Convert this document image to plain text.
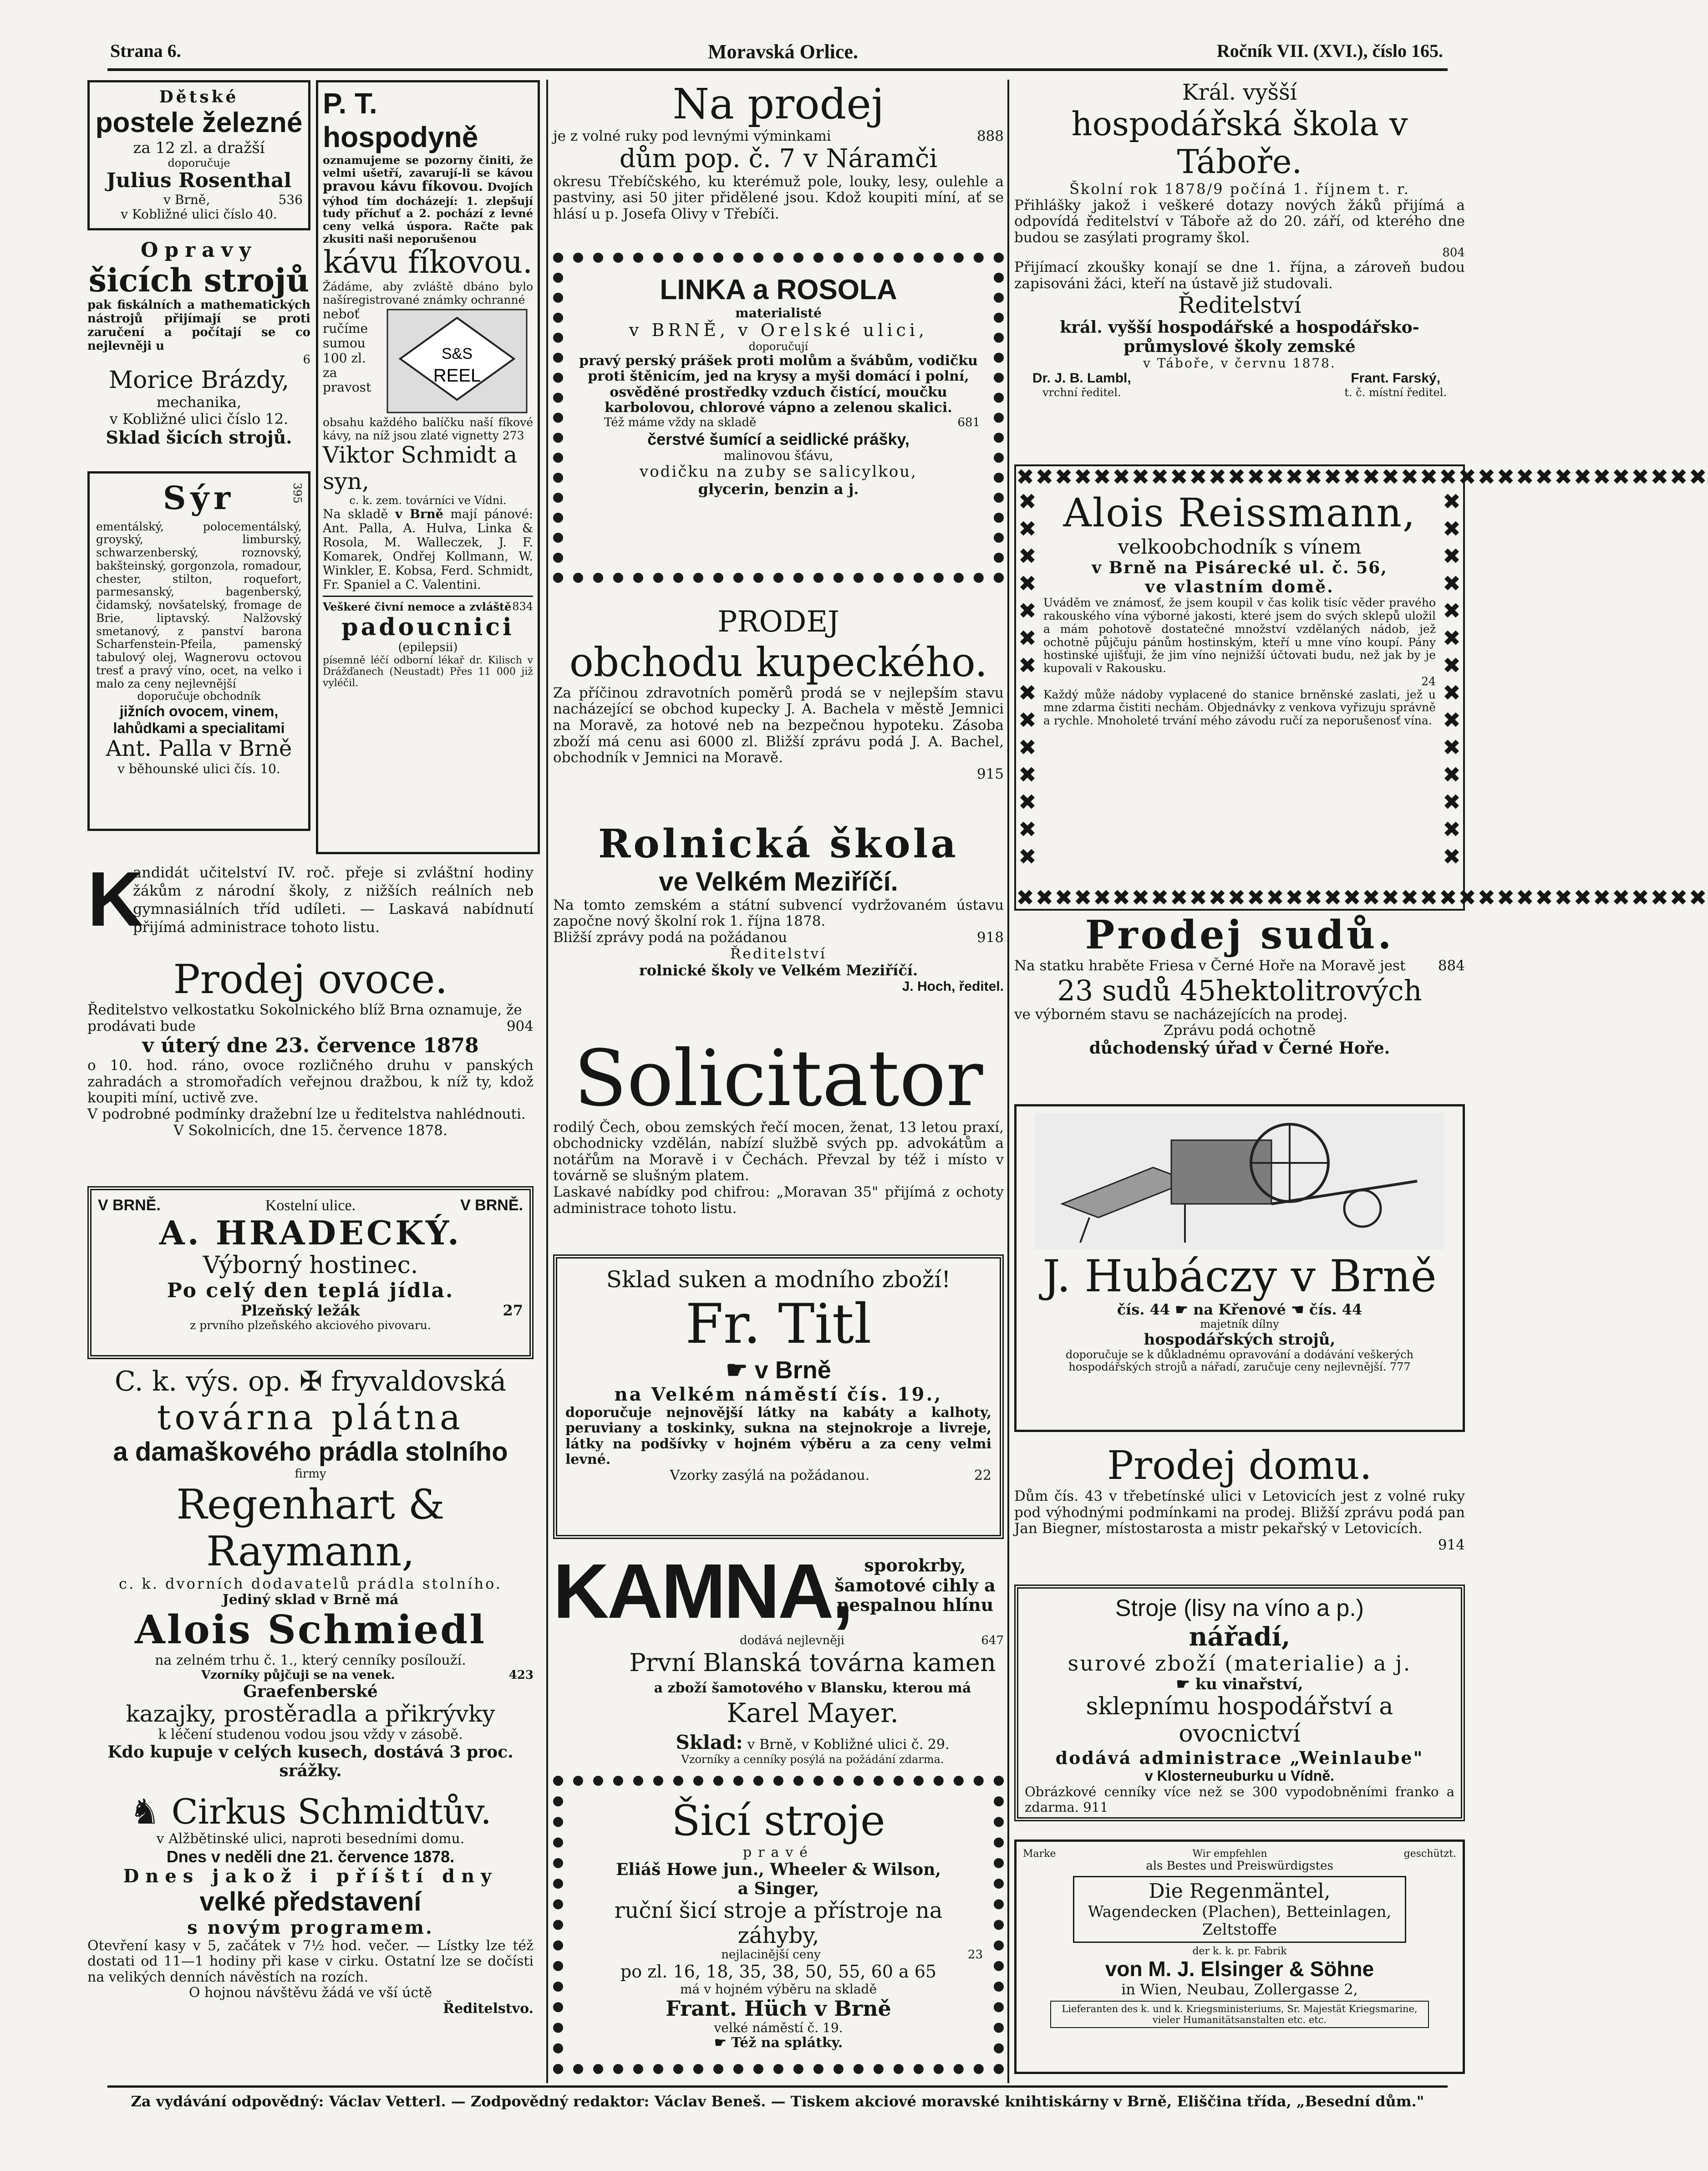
Strana 6.	Moravská Orlice.	Ročník VII. (XVI.), číslo 165.
Dětské
postele železné
za 12 zl. a dražší
doporučuje
Julius Rosenthal
v Brně,	536
v Kobližné ulici číslo 40.
Opravy
šicích strojů
pak fiskálních a mathematických nástrojů přijímají se proti zaručení a počítají se co nejlevněji u
6
Morice Brázdy,
mechanika,
v Kobližné ulici číslo 12.
Sklad šicích strojů.
Sýr	395
ementálský, polocementálský, groyský, limburský, schwarzenberský, roznovský, bakšteinský, gorgonzola, romadour, chester, stilton, roquefort, parmesanský, bagenberský, čidamský, novšatelský, fromage de Brie, liptavský. Nalžovský smetanový, z panství barona Scharfenstein-Pfeila, pamenský tabulový olej, Wagnerovu octovou tresť a pravý víno, ocet, na velko i malo za ceny nejlevnější
doporučuje obchodník
jižních ovocem, vinem,
lahůdkami a specialitami
Ant. Palla v Brně
v běhounské ulici čís. 10.
P. T. hospodyně
oznamujeme se pozorny činiti, že velmi ušetří, zavarují-li se kávou pravou kávu fíkovou. Dvojích výhod tím docházejí: 1. zlepšují tudy příchuť a 2. pochází z levné ceny velká úspora. Račte pak zkusiti naši neporušenou
kávu fíkovou.
Žádáme, aby zvláště dbáno bylo našíregistrované známky ochranné
neboť ručíme sumou 100 zl. za pravost
S&S
REEL
obsahu každého balíčku naší fíkové kávy, na níž jsou zlaté vignetty 273
Viktor Schmidt a syn,
c. k. zem. továrníci ve Vídni.
Na skladě v Brně mají pánové: Ant. Palla, A. Hulva, Linka & Rosola, M. Walleczek, J. F. Komarek, Ondřej Kollmann, W. Winkler, E. Kobsa, Ferd. Schmidt, Fr. Spaniel a C. Valentini.
Veškeré čivní nemoce a zvláště 834
padoucnici
(epilepsii)
písemně léčí odborní lékař dr. Kilisch v Drážďanech (Neustadt) Přes 11 000 již vyléčil.
K
andidát učitelství IV. roč. přeje si zvláštní hodiny žákům z národní školy, z nižších reálních neb gymnasiálních tříd udíleti. — Laskavá nabídnutí přijímá administrace tohoto listu.
Prodej ovoce.
Ředitelstvo velkostatku Sokolnického blíž Brna oznamuje, že prodávati bude	904
v úterý dne 23. července 1878
o 10. hod. ráno, ovoce rozličného druhu v panských zahradách a stromořadích veřejnou dražbou, k níž ty, kdož koupiti míní, uctivě zve.
V podrobné podmínky dražební lze u ředitelstva nahlédnouti.
V Sokolnicích, dne 15. července 1878.
V BRNĚ.	Kostelní ulice.	V BRNĚ.
A. HRADECKÝ.
Výborný hostinec.
Po celý den teplá jídla.
Plzeňský ležák	27
z prvního plzeňského akciového pivovaru.
C. k. výs. op. ✠ fryvaldovská
továrna plátna
a damaškového prádla stolního
firmy
Regenhart & Raymann,
c. k. dvorních dodavatelů prádla stolního.
Jediný sklad v Brně má
Alois Schmiedl
na zelném trhu č. 1., který cenníky posílouží.
Vzorníky půjčuji se na venek.	423
Graefenberské
kazajky, prostěradla a přikrývky
k léčení studenou vodou jsou vždy v zásobě.
Kdo kupuje v celých kusech, dostává 3 proc. srážky.
♞ Cirkus Schmidtův.
v Alžbětinské ulici, naproti besedními domu.
Dnes v neděli dne 21. července 1878.
Dnes jakož i příští dny
velké představení
s novým programem.
Otevření kasy v 5, začátek v 7½ hod. večer. — Lístky lze též dostati od 11—1 hodiny při kase v cirku. Ostatní lze se dočísti na velikých denních návěstích na rozích.
O hojnou návštěvu žádá ve vší úctě
Ředitelstvo.
Na prodej
je z volné ruky pod levnými výminkami	888
dům pop. č. 7 v Náramči
okresu Třebíčského, ku kterémuž pole, louky, lesy, oulehle a pastviny, asi 50 jiter přidělené jsou. Kdož koupiti míní, ať se hlásí u p. Josefa Olivy v Třebíči.
LINKA a ROSOLA
materialisté
v BRNĚ, v Orelské ulici,
doporučují
pravý perský prášek proti molům a švábům, vodičku proti štěnicím, jed na krysy a myši domácí i polní, osvěděné prostředky vzduch čistící, moučku karbolovou, chlorové vápno a zelenou skalici.
Též máme vždy na skladě	681
čerstvé šumící a seidlické prášky,
malinovou šťávu,
vodičku na zuby se salicylkou,
glycerin, benzin a j.
PRODEJ
obchodu kupeckého.
Za příčinou zdravotních poměrů prodá se v nejlepším stavu nacházející se obchod kupecky J. A. Bachela v městě Jemnici na Moravě, za hotové neb na bezpečnou hypoteku. Zásoba zboží má cenu asi 6000 zl. Bližší zprávu podá J. A. Bachel, obchodník v Jemnici na Moravě.
915
Rolnická škola
ve Velkém Meziříčí.
Na tomto zemském a státní subvencí vydržovaném ústavu započne nový školní rok 1. října 1878.
Bližší zprávy podá na požádanou	918
Ředitelství
rolnické školy ve Velkém Meziříčí.
J. Hoch, ředitel.
Solicitator
rodilý Čech, obou zemských řečí mocen, ženat, 13 letou praxí, obchodnicky vzdělán, nabízí službě svých pp. advokátům a notářům na Moravě i v Čechách. Převzal by též i místo v továrně se slušným platem.
Laskavé nabídky pod chifrou: „Moravan 35" přijímá z ochoty administrace tohoto listu.
Sklad suken a modního zboží!
Fr. Titl
☛ v Brně
na Velkém náměstí čís. 19.,
doporučuje nejnovější látky na kabáty a kalhoty, peruviany a toskinky, sukna na stejnokroje a livreje, látky na podšívky v hojném výběru a za ceny velmi levné.
Vzorky zasýlá na požádanou.	22
KAMNA, sporokrby, šamotové cihly a nespalnou hlínu
dodává nejlevněji	647
První Blanská továrna kamen
a zboží šamotového v Blansku, kterou má
Karel Mayer.
Sklad: v Brně, v Kobližné ulici č. 29.
Vzorníky a cenníky posýlá na požádání zdarma.
Šicí stroje
pravé
Eliáš Howe jun., Wheeler & Wilson,
a Singer,
ruční šicí stroje a přístroje na záhyby,
nejlacinější ceny	23
po zl. 16, 18, 35, 38, 50, 55, 60 a 65
má v hojném výběru na skladě
Frant. Hüch v Brně
velké náměstí č. 19.
☛ Též na splátky.
Král. vyšší
hospodářská škola v Táboře.
Školní rok 1878/9 počíná 1. říjnem t. r.
Přihlášky jakož i veškeré dotazy nových žáků přijímá a odpovídá ředitelství v Táboře až do 20. září, od kterého dne budou se zasýlati programy škol.
804
Přijímací zkoušky konají se dne 1. října, a zároveň budou zapisováni žáci, kteří na ústavě již studovali.
Ředitelství
král. vyšší hospodářské a hospodářsko-průmyslové školy zemské
v Táboře, v červnu 1878.
Dr. J. B. Lambl,
vrchní ředitel.
Frant. Farský,
t. č. místní ředitel.
✖✖✖✖✖✖✖✖✖✖✖✖✖✖✖✖✖✖✖✖✖✖✖✖✖✖✖✖✖✖✖✖✖✖✖✖
Alois Reissmann,
velkoobchodník s vínem
v Brně na Pisárecké ul. č. 56,
ve vlastním domě.
Uváděm ve známosť, že jsem koupil v čas kolik tisíc věder pravého rakouského vína výborné jakosti, které jsem do svých sklepů uložil a mám pohotově dostatečné množství vzdělaných nádob, jež ochotně půjčuju pánům hostinským, kteří u mne víno koupí. Pány hostinské ujišťuji, že jim víno nejnižší účtovati budu, než jak by je kupovali v Rakousku.
24
Každý může nádoby vyplacené do stanice brněnské zaslati, jež u mne zdarma čistiti nechám. Objednávky z venkova vyřizuju správně a rychle. Mnoholeté trvání mého závodu ručí za neporušenosť vína.
✖✖✖✖✖✖✖✖✖✖✖✖✖✖✖✖✖✖✖✖✖✖✖✖✖✖✖✖✖✖✖✖✖✖✖✖
✖ ✖ ✖ ✖ ✖ ✖ ✖ ✖ ✖ ✖ ✖ ✖ ✖ ✖
✖ ✖ ✖ ✖ ✖ ✖ ✖ ✖ ✖ ✖ ✖ ✖ ✖ ✖
Prodej sudů.
Na statku hraběte Friesa v Černé Hoře na Moravě jest 884
23 sudů 45hektolitrových
ve výborném stavu se nacházejících na prodej.
Zprávu podá ochotně
důchodenský úřad v Černé Hoře.
J. Hubáczy v Brně
čís. 44 ☛ na Křenové ☚ čís. 44
majetník dílny
hospodářských strojů,
doporučuje se k důkladnému opravování a dodávání veškerých hospodářských strojů a nářadí, zaručuje ceny nejlevnější. 777
Prodej domu.
Dům čís. 43 v třebetínské ulici v Letovicích jest z volné ruky pod výhodnými podmínkami na prodej. Bližší zprávu podá pan Jan Biegner, místostarosta a mistr pekařský v Letovicích.
914
Stroje (lisy na víno a p.)
nářadí,
surové zboží (materialie) a j.
☛ ku vinařství,
sklepnímu hospodářství a ovocnictví
dodává administrace „Weinlaube"
v Klosterneuburku u Vídně.
Obrázkové cenníky více než se 300 vypodobněními franko a zdarma. 911
Marke	Wir empfehlen	geschützt.
als Bestes und Preiswürdigstes
Die Regenmäntel,
Wagendecken (Plachen), Betteinlagen, Zeltstoffe
der k. k. pr. Fabrik
von M. J. Elsinger & Söhne
in Wien, Neubau, Zollergasse 2,
Lieferanten des k. und k. Kriegsministeriums, Sr. Majestät Kriegsmarine, vieler Humanitätsanstalten etc. etc.
Za vydávání odpovědný: Václav Vetterl. — Zodpovědný redaktor: Václav Beneš. — Tiskem akciové moravské knihtiskárny v Brně, Eliščina třída, „Besední dům."
